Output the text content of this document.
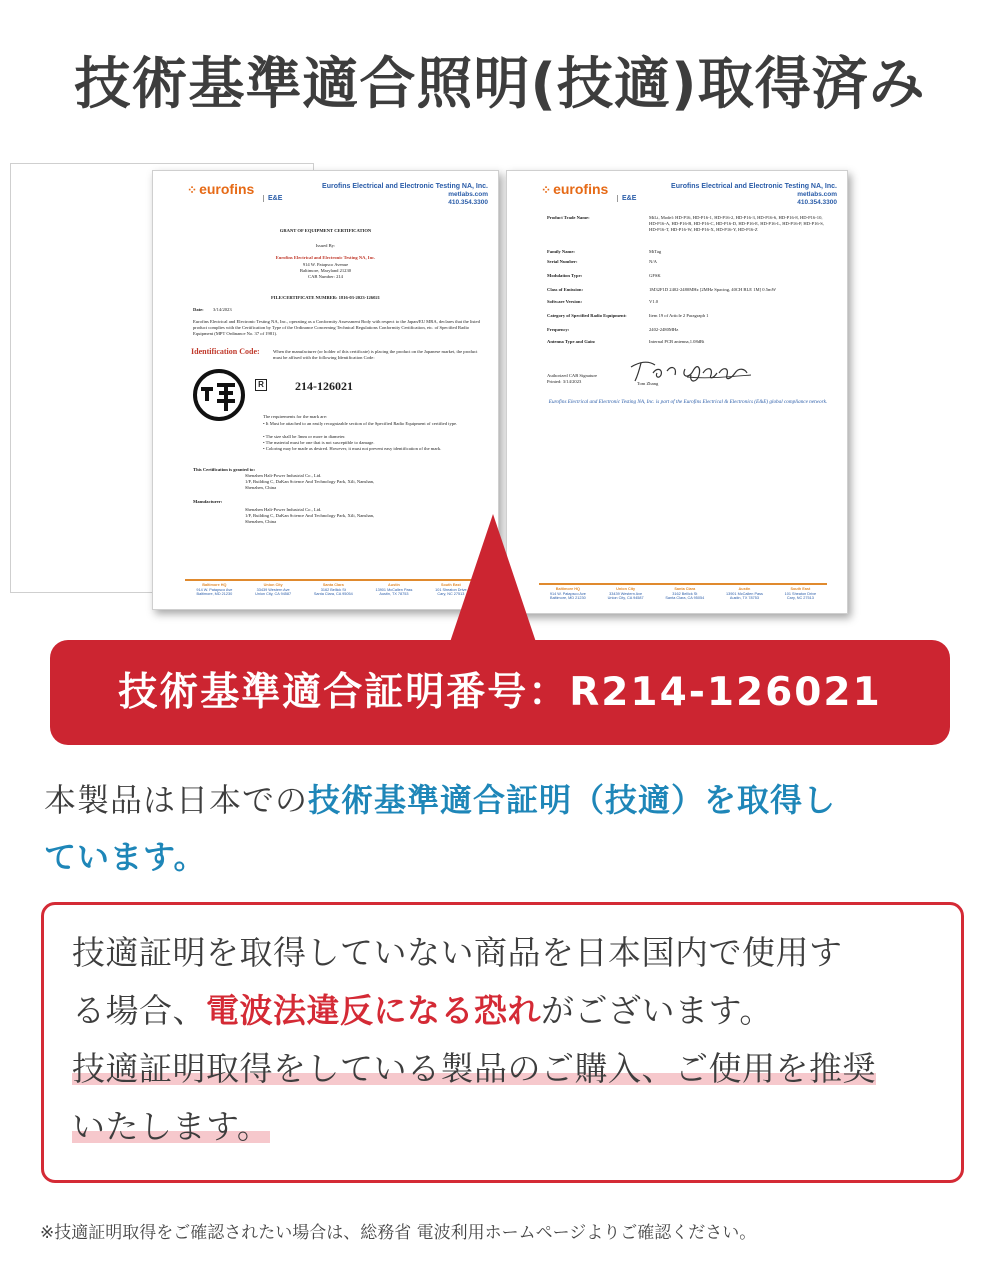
技術基準適合照明(技適)取得済み
⁘ eurofins
E&E
Eurofins Electrical and Electronic Testing NA, Inc.
metlabs.com
410.354.3300
GRANT OF EQUIPMENT CERTIFICATION
Issued By:
Eurofins Electrical and Electronic Testing NA, Inc.
914 W. Patapsco Avenue
Baltimore, Maryland 21230
CAB Number: 214
FILE/CERTIFICATE NUMBER: 1816-03-2023-126021
Date: 3/14/2023
Eurofins Electrical and Electronic Testing NA, Inc., operating as a Conformity Assessment Body with respect to the Japan/EU MRA, declares that the listed product complies with the Certification by Type of the Ordinance Concerning Technical Regulations Conformity Certification, etc. of Specified Radio Equipment (MPT Ordinance No. 37 of 1981).
Identification Code:	When the manufacturer (or holder of this certificate) is placing the product on the Japanese market, the product must be affixed with the following Identification Code:
R	214-126021
The requirements for the mark are:
• It Must be attached to an easily recognizable section of the Specified Radio Equipment of certified type.
• The size shall be 3mm or more in diameter.
• The material must be one that is not susceptible to damage.
• Coloring may be made as desired. However, it must not prevent easy identification of the mark.
This Certification is granted to:
Shenzhen Hali-Power Industrial Co., Ltd.
1/F, Building C, DaKan Science And Technology Park, Xili, Nanshan,
Shenzhen, China
Manufacturer:
Shenzhen Hali-Power Industrial Co., Ltd.
1/F, Building C, DaKan Science And Technology Park, Xili, Nanshan,
Shenzhen, China
Baltimore HQ
914 W. Patapsco Ave
Baltimore, MD 21230
Union City
33439 Western Ave
Union City, CA 94587
Santa Clara
3162 Bellick St
Santa Clara, CA 95054
Austin
13901 McCallen Pass
Austin, TX 78753
South East
101 Sheaton Drive
Cary, NC 27513
⁘ eurofins
E&E
Eurofins Electrical and Electronic Testing NA, Inc.
metlabs.com
410.354.3300
Product Trade Name:	MiLi, Model: HD-P16, HD-P16-1, HD-P16-2, HD-P16-3, HD-P16-6, HD-P16-8, HD-P16-10, HD-P16-A, HD-P16-B, HD-P16-C, HD-P16-D, HD-P16-E, HD-P16-L, HD-P16-P, HD-P16-S, HD-P16-T, HD-P16-W, HD-P16-X, HD-P16-Y, HD-P16-Z
Family Name:	MiTag
Serial Number:	N/A
Modulation Type:	GFSK
Class of Emission:	1M32F1D 2402-2480MHz [2MHz Spacing, 40CH BLE 1M] 0.5mW
Software Version:	V1.0
Category of Specified Radio Equipment:	Item 19 of Article 2 Paragraph 1
Frequency:	2402-2480MHz
Antenna Type and Gain:	Internal PCB antenna,1.08dBi
Authorized CAB Signature
Printed: 3/14/2023	Tom Zhang
Eurofins Electrical and Electronic Testing NA, Inc. is part of the Eurofins Electrical & Electronics (E&E) global compliance network.
Baltimore HQ
914 W. Patapsco Ave
Baltimore, MD 21230
Union City
33439 Western Ave
Union City, CA 94587
Santa Clara
3162 Bellick St
Santa Clara, CA 95054
Austin
13901 McCallen Pass
Austin, TX 78753
South East
101 Sheaton Drive
Cary, NC 27513
技術基準適合証明番号：R214-126021
本製品は日本での技術基準適合証明（技適）を取得し
ています。
技適証明を取得していない商品を日本国内で使用す
る場合、電波法違反になる恐れがございます。
技適証明取得をしている製品のご購入、ご使用を推奨
いたします。
※技適証明取得をご確認されたい場合は、総務省 電波利用ホームページよりご確認ください。
